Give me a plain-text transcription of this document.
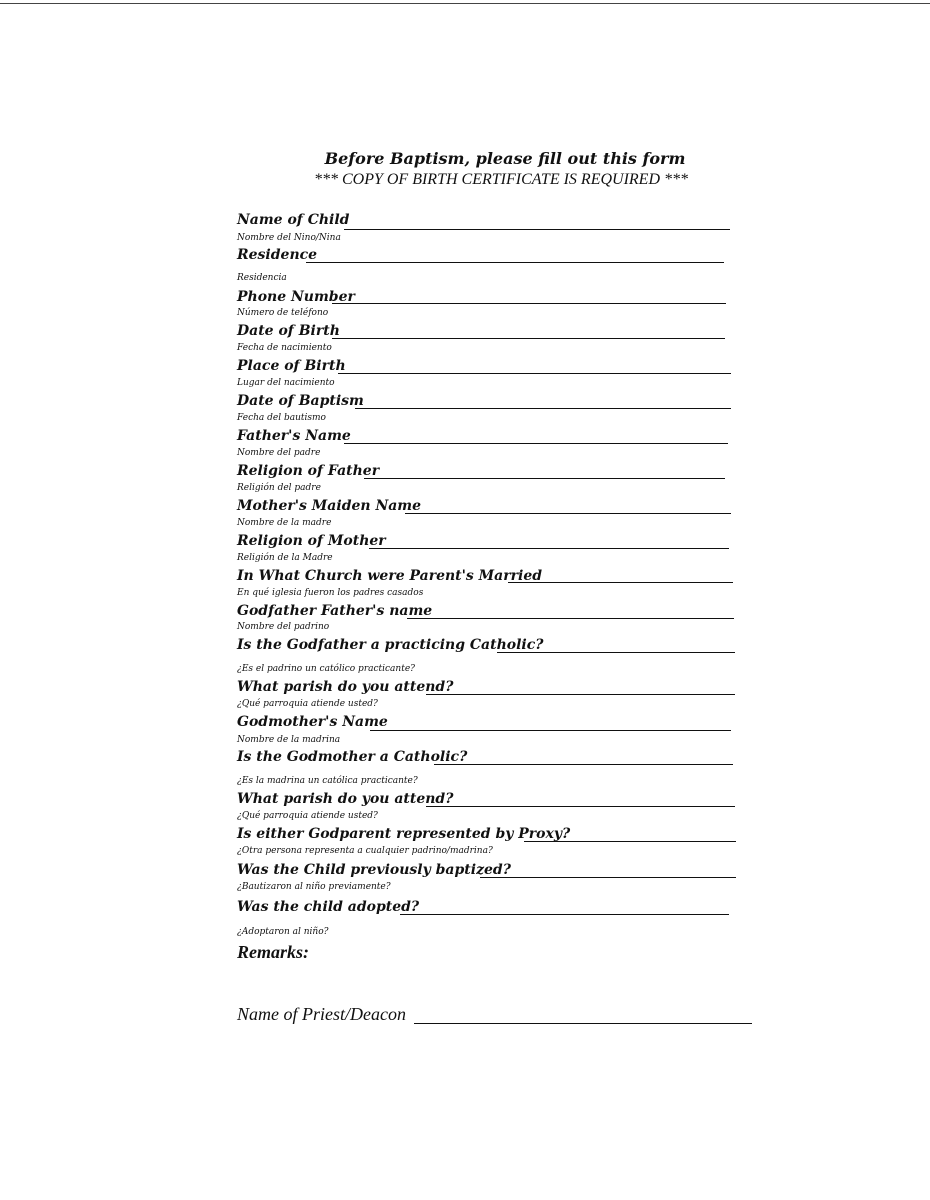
Before Baptism, please fill out this form
*** COPY OF BIRTH CERTIFICATE IS REQUIRED ***
Name of Child
Nombre del Nino/Nina
Residence
Residencia
Phone Number
Número de teléfono
Date of Birth
Fecha de nacimiento
Place of Birth
Lugar del nacimiento
Date of Baptism
Fecha del bautismo
Father's Name
Nombre del padre
Religion of Father
Religión del padre
Mother's Maiden Name
Nombre de la madre
Religion of Mother
Religión de la Madre
In What Church were Parent's Married
En qué iglesia fueron los padres casados
Godfather Father's name
Nombre del padrino
Is the Godfather a practicing Catholic?
¿Es el padrino un católico practicante?
What parish do you attend?
¿Qué parroquia atiende usted?
Godmother's Name
Nombre de la madrina
Is the Godmother a Catholic?
¿Es la madrina un católica practicante?
What parish do you attend?
¿Qué parroquia atiende usted?
Is either Godparent represented by Proxy?
¿Otra persona representa a cualquier padrino/madrina?
Was the Child previously baptized?
¿Bautizaron al niño previamente?
Was the child adopted?
¿Adoptaron al niño?
Remarks:
Name of Priest/Deacon
